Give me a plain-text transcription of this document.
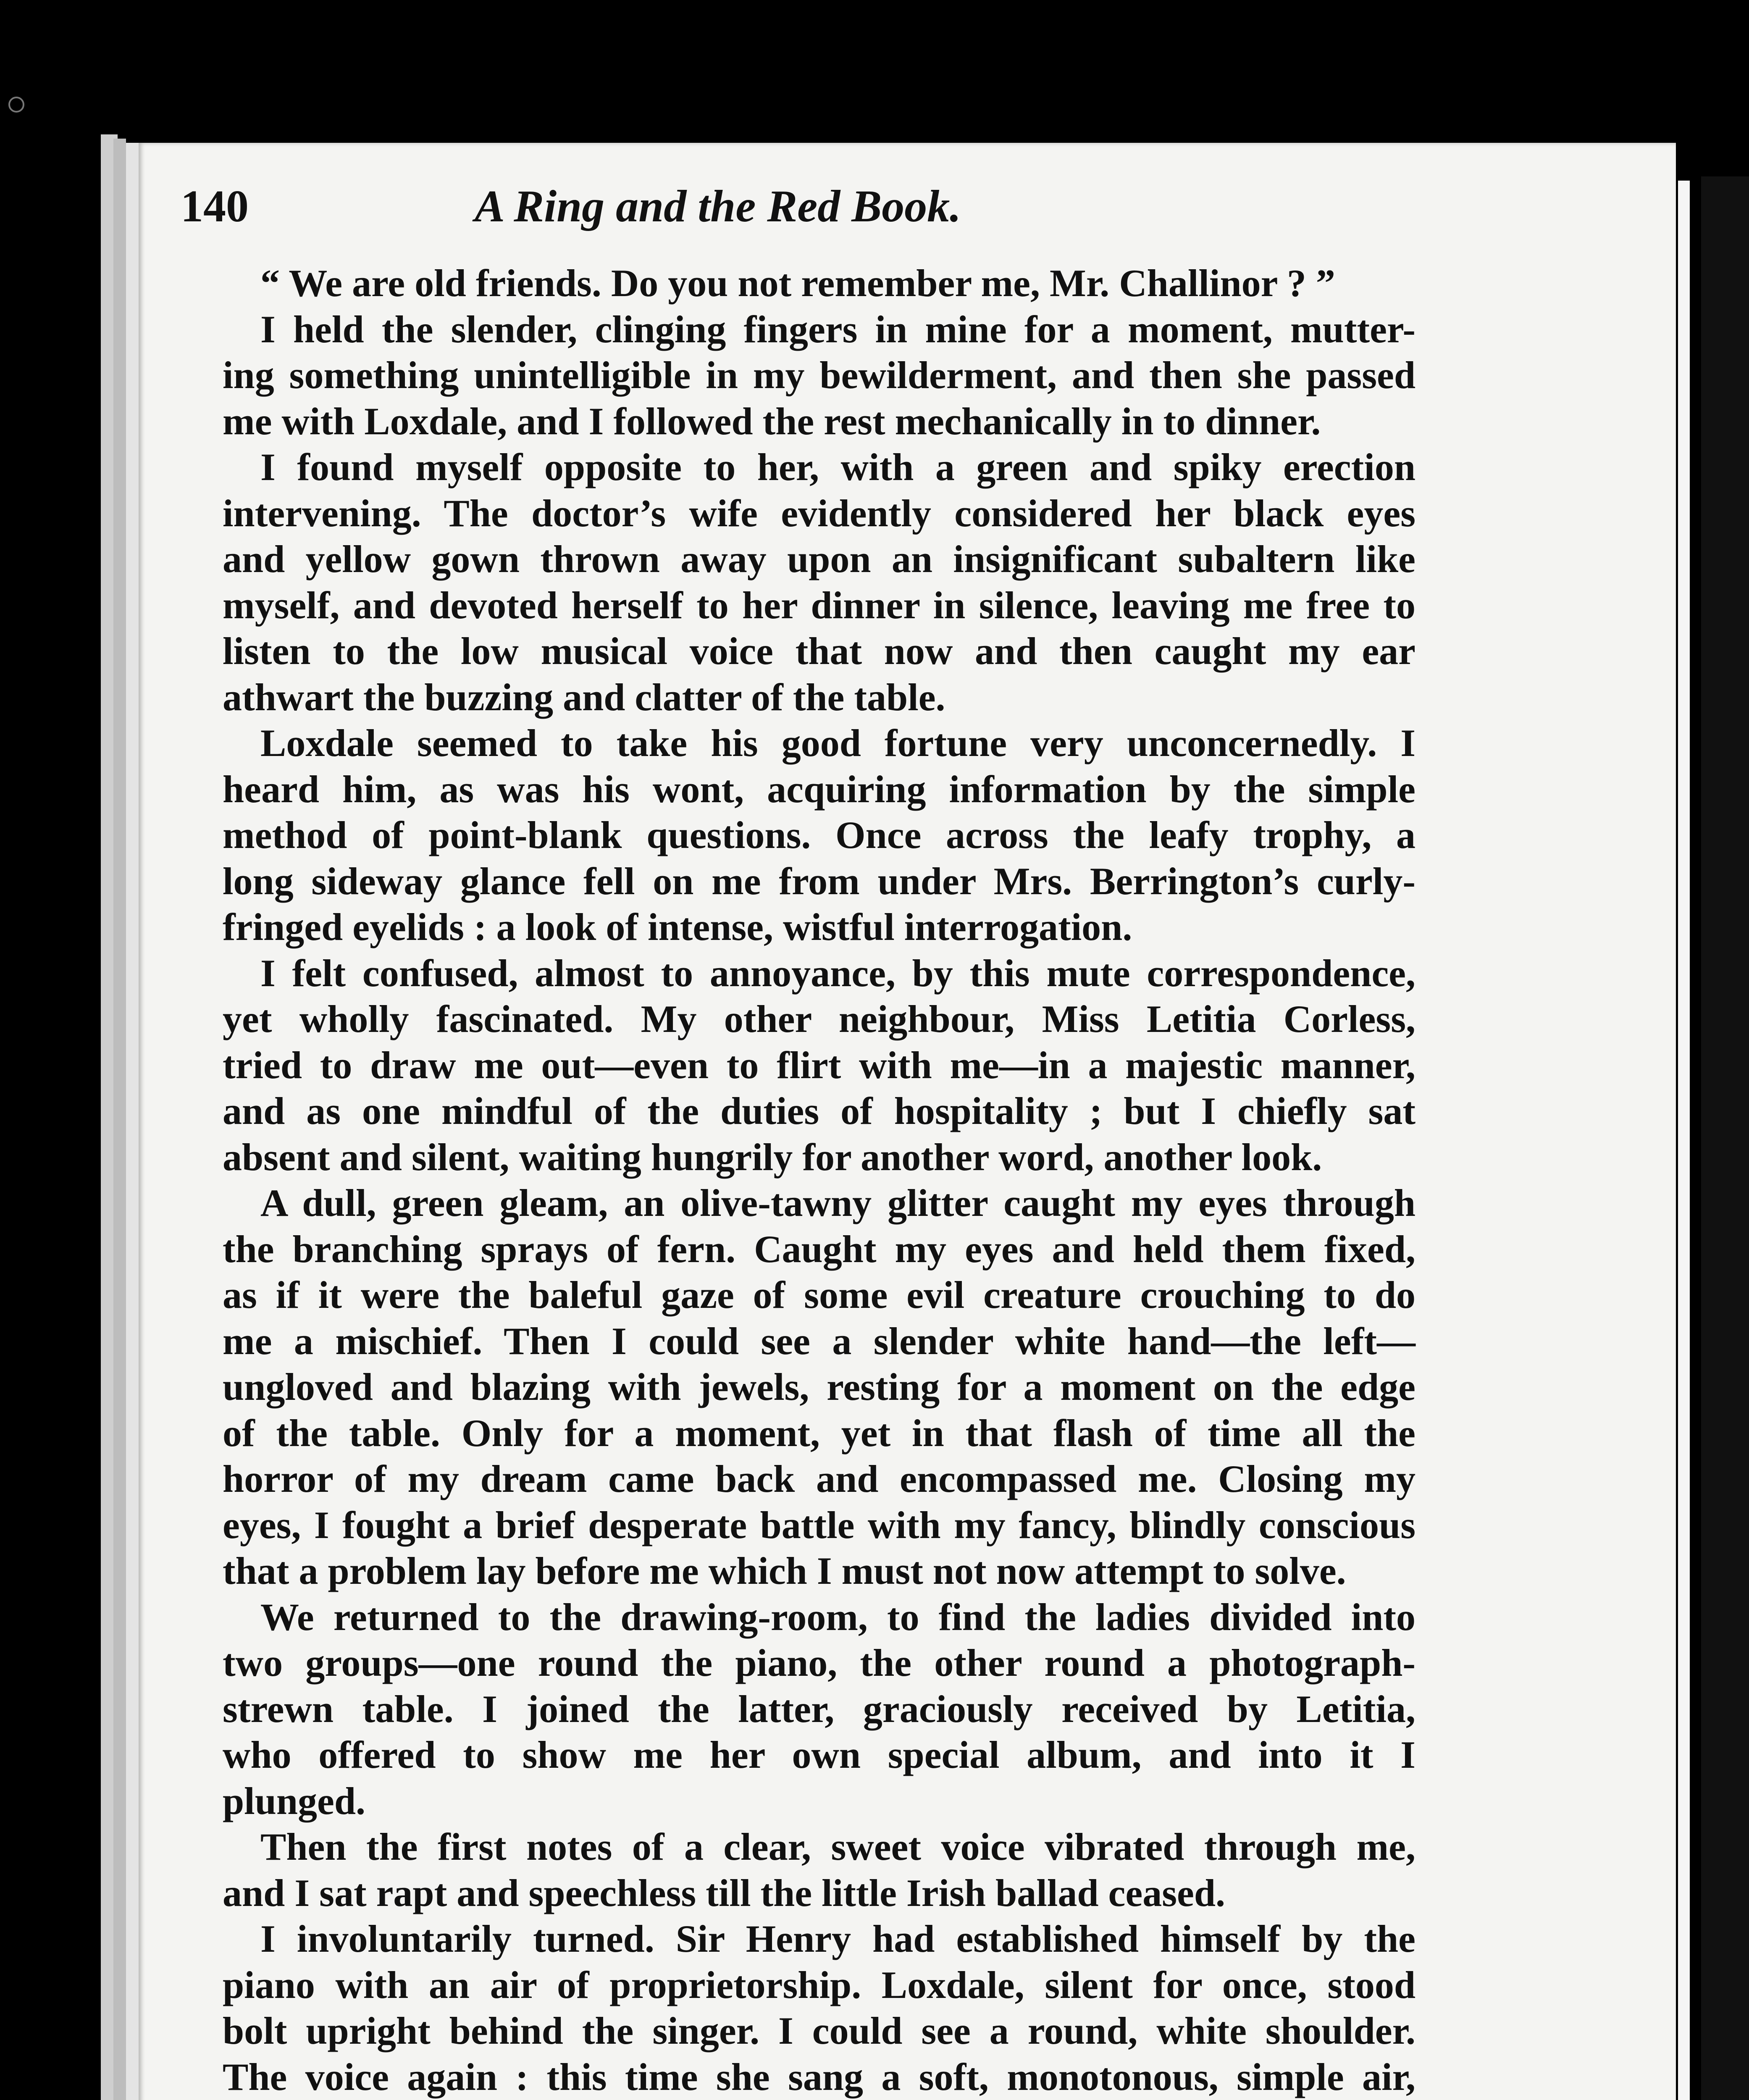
140	A Ring and the Red Book.

“ We are old friends. Do you not remember me, Mr. Challinor ? ”

I held the slender, clinging fingers in mine for a moment, mutter-
ing something unintelligible in my bewilderment, and then she passed
me with Loxdale, and I followed the rest mechanically in to dinner.

I found myself opposite to her, with a green and spiky erection
intervening. The doctor’s wife evidently considered her black eyes
and yellow gown thrown away upon an insignificant subaltern like
myself, and devoted herself to her dinner in silence, leaving me free to
listen to the low musical voice that now and then caught my ear
athwart the buzzing and clatter of the table.

Loxdale seemed to take his good fortune very unconcernedly. I
heard him, as was his wont, acquiring information by the simple
method of point-blank questions. Once across the leafy trophy, a
long sideway glance fell on me from under Mrs. Berrington’s curly-
fringed eyelids : a look of intense, wistful interrogation.

I felt confused, almost to annoyance, by this mute correspondence,
yet wholly fascinated. My other neighbour, Miss Letitia Corless,
tried to draw me out—even to flirt with me—in a majestic manner,
and as one mindful of the duties of hospitality ; but I chiefly sat
absent and silent, waiting hungrily for another word, another look.

A dull, green gleam, an olive-tawny glitter caught my eyes through
the branching sprays of fern. Caught my eyes and held them fixed,
as if it were the baleful gaze of some evil creature crouching to do
me a mischief. Then I could see a slender white hand—the left—
ungloved and blazing with jewels, resting for a moment on the edge
of the table. Only for a moment, yet in that flash of time all the
horror of my dream came back and encompassed me. Closing my
eyes, I fought a brief desperate battle with my fancy, blindly conscious
that a problem lay before me which I must not now attempt to solve.

We returned to the drawing-room, to find the ladies divided into
two groups—one round the piano, the other round a photograph-
strewn table. I joined the latter, graciously received by Letitia,
who offered to show me her own special album, and into it I
plunged.

Then the first notes of a clear, sweet voice vibrated through me,
and I sat rapt and speechless till the little Irish ballad ceased.

I involuntarily turned. Sir Henry had established himself by the
piano with an air of proprietorship. Loxdale, silent for once, stood
bolt upright behind the singer. I could see a round, white shoulder.
The voice again : this time she sang a soft, monotonous, simple air,
